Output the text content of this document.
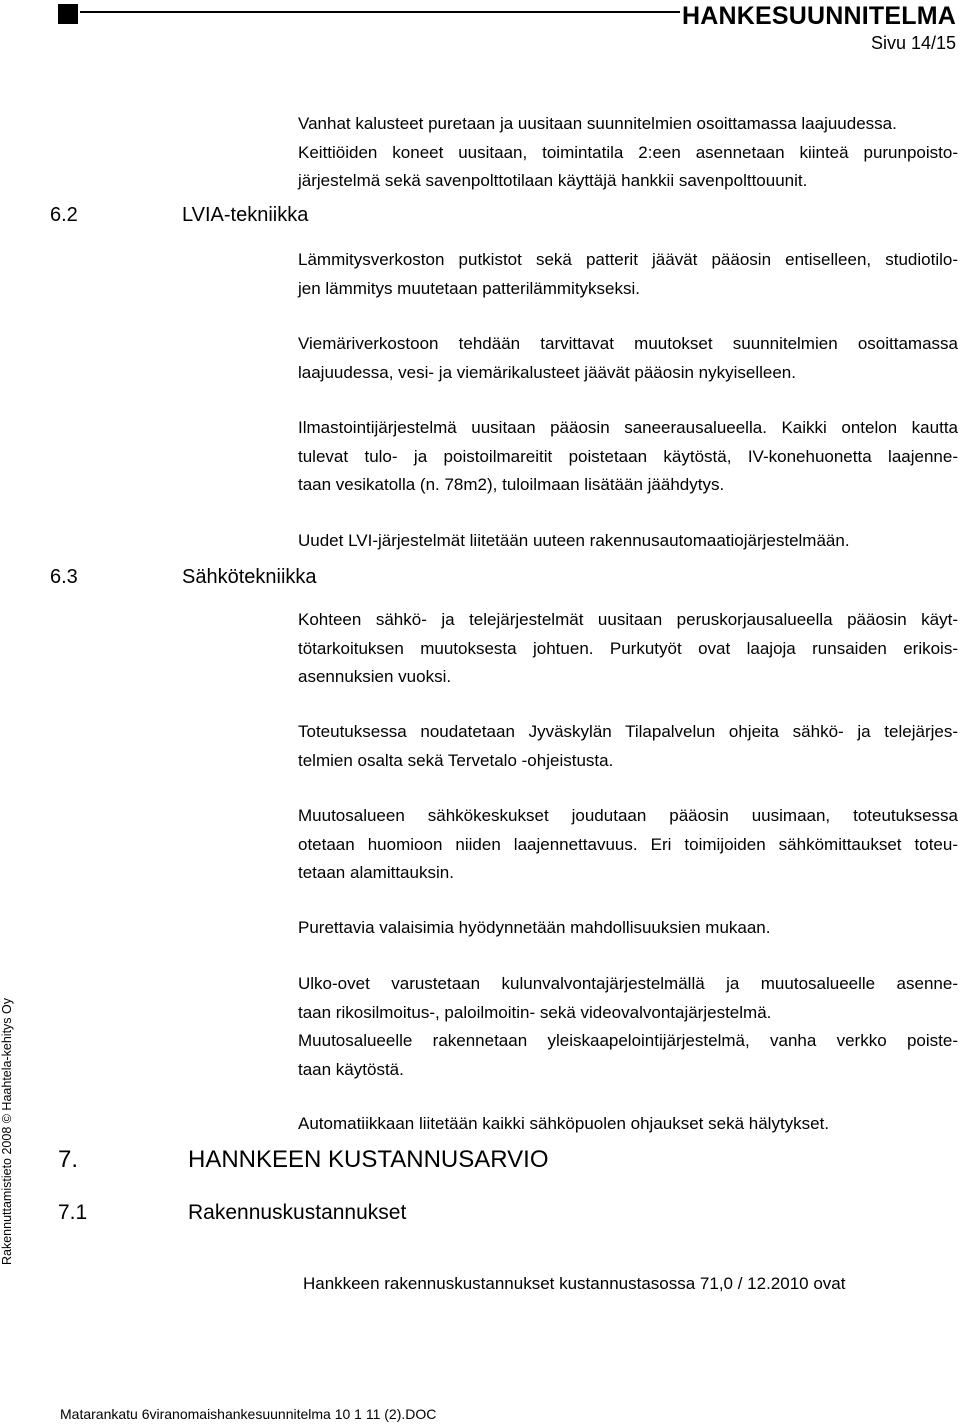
HANKESUUNNITELMA
Sivu 14/15
Vanhat kalusteet puretaan ja uusitaan suunnitelmien osoittamassa laajuudessa.
Keittiöiden koneet uusitaan, toimintatila 2:een asennetaan kiinteä purunpoisto-
järjestelmä sekä savenpolttotilaan käyttäjä hankkii savenpolttouunit.
6.2	LVIA-tekniikka
Lämmitysverkoston putkistot sekä patterit jäävät pääosin entiselleen, studiotilo-
jen lämmitys muutetaan patterilämmitykseksi.
Viemäriverkostoon tehdään tarvittavat muutokset suunnitelmien osoittamassa
laajuudessa, vesi- ja viemärikalusteet jäävät pääosin nykyiselleen.
Ilmastointijärjestelmä uusitaan pääosin saneerausalueella. Kaikki ontelon kautta
tulevat tulo- ja poistoilmareitit poistetaan käytöstä, IV-konehuonetta laajenne-
taan vesikatolla (n. 78m2), tuloilmaan lisätään jäähdytys.
Uudet LVI-järjestelmät liitetään uuteen rakennusautomaatiojärjestelmään.
6.3	Sähkötekniikka
Kohteen sähkö- ja telejärjestelmät uusitaan peruskorjausalueella pääosin käyt-
tötarkoituksen muutoksesta johtuen. Purkutyöt ovat laajoja runsaiden erikois-
asennuksien vuoksi.
Toteutuksessa noudatetaan Jyväskylän Tilapalvelun ohjeita sähkö- ja telejärjes-
telmien osalta sekä Tervetalo -ohjeistusta.
Muutosalueen sähkökeskukset joudutaan pääosin uusimaan, toteutuksessa
otetaan huomioon niiden laajennettavuus. Eri toimijoiden sähkömittaukset toteu-
tetaan alamittauksin.
Purettavia valaisimia hyödynnetään mahdollisuuksien mukaan.
Ulko-ovet varustetaan kulunvalvontajärjestelmällä ja muutosalueelle asenne-
taan rikosilmoitus-, paloilmoitin- sekä videovalvontajärjestelmä.
Muutosalueelle rakennetaan yleiskaapelointijärjestelmä, vanha verkko poiste-
taan käytöstä.
Automatiikkaan liitetään kaikki sähköpuolen ohjaukset sekä hälytykset.
7.	HANNKEEN KUSTANNUSARVIO
7.1	Rakennuskustannukset
Hankkeen rakennuskustannukset kustannustasossa 71,0 / 12.2010 ovat
Rakennuttamistieto 2008 © Haahtela-kehitys Oy
Matarankatu 6viranomaishankesuunnitelma 10 1 11 (2).DOC
